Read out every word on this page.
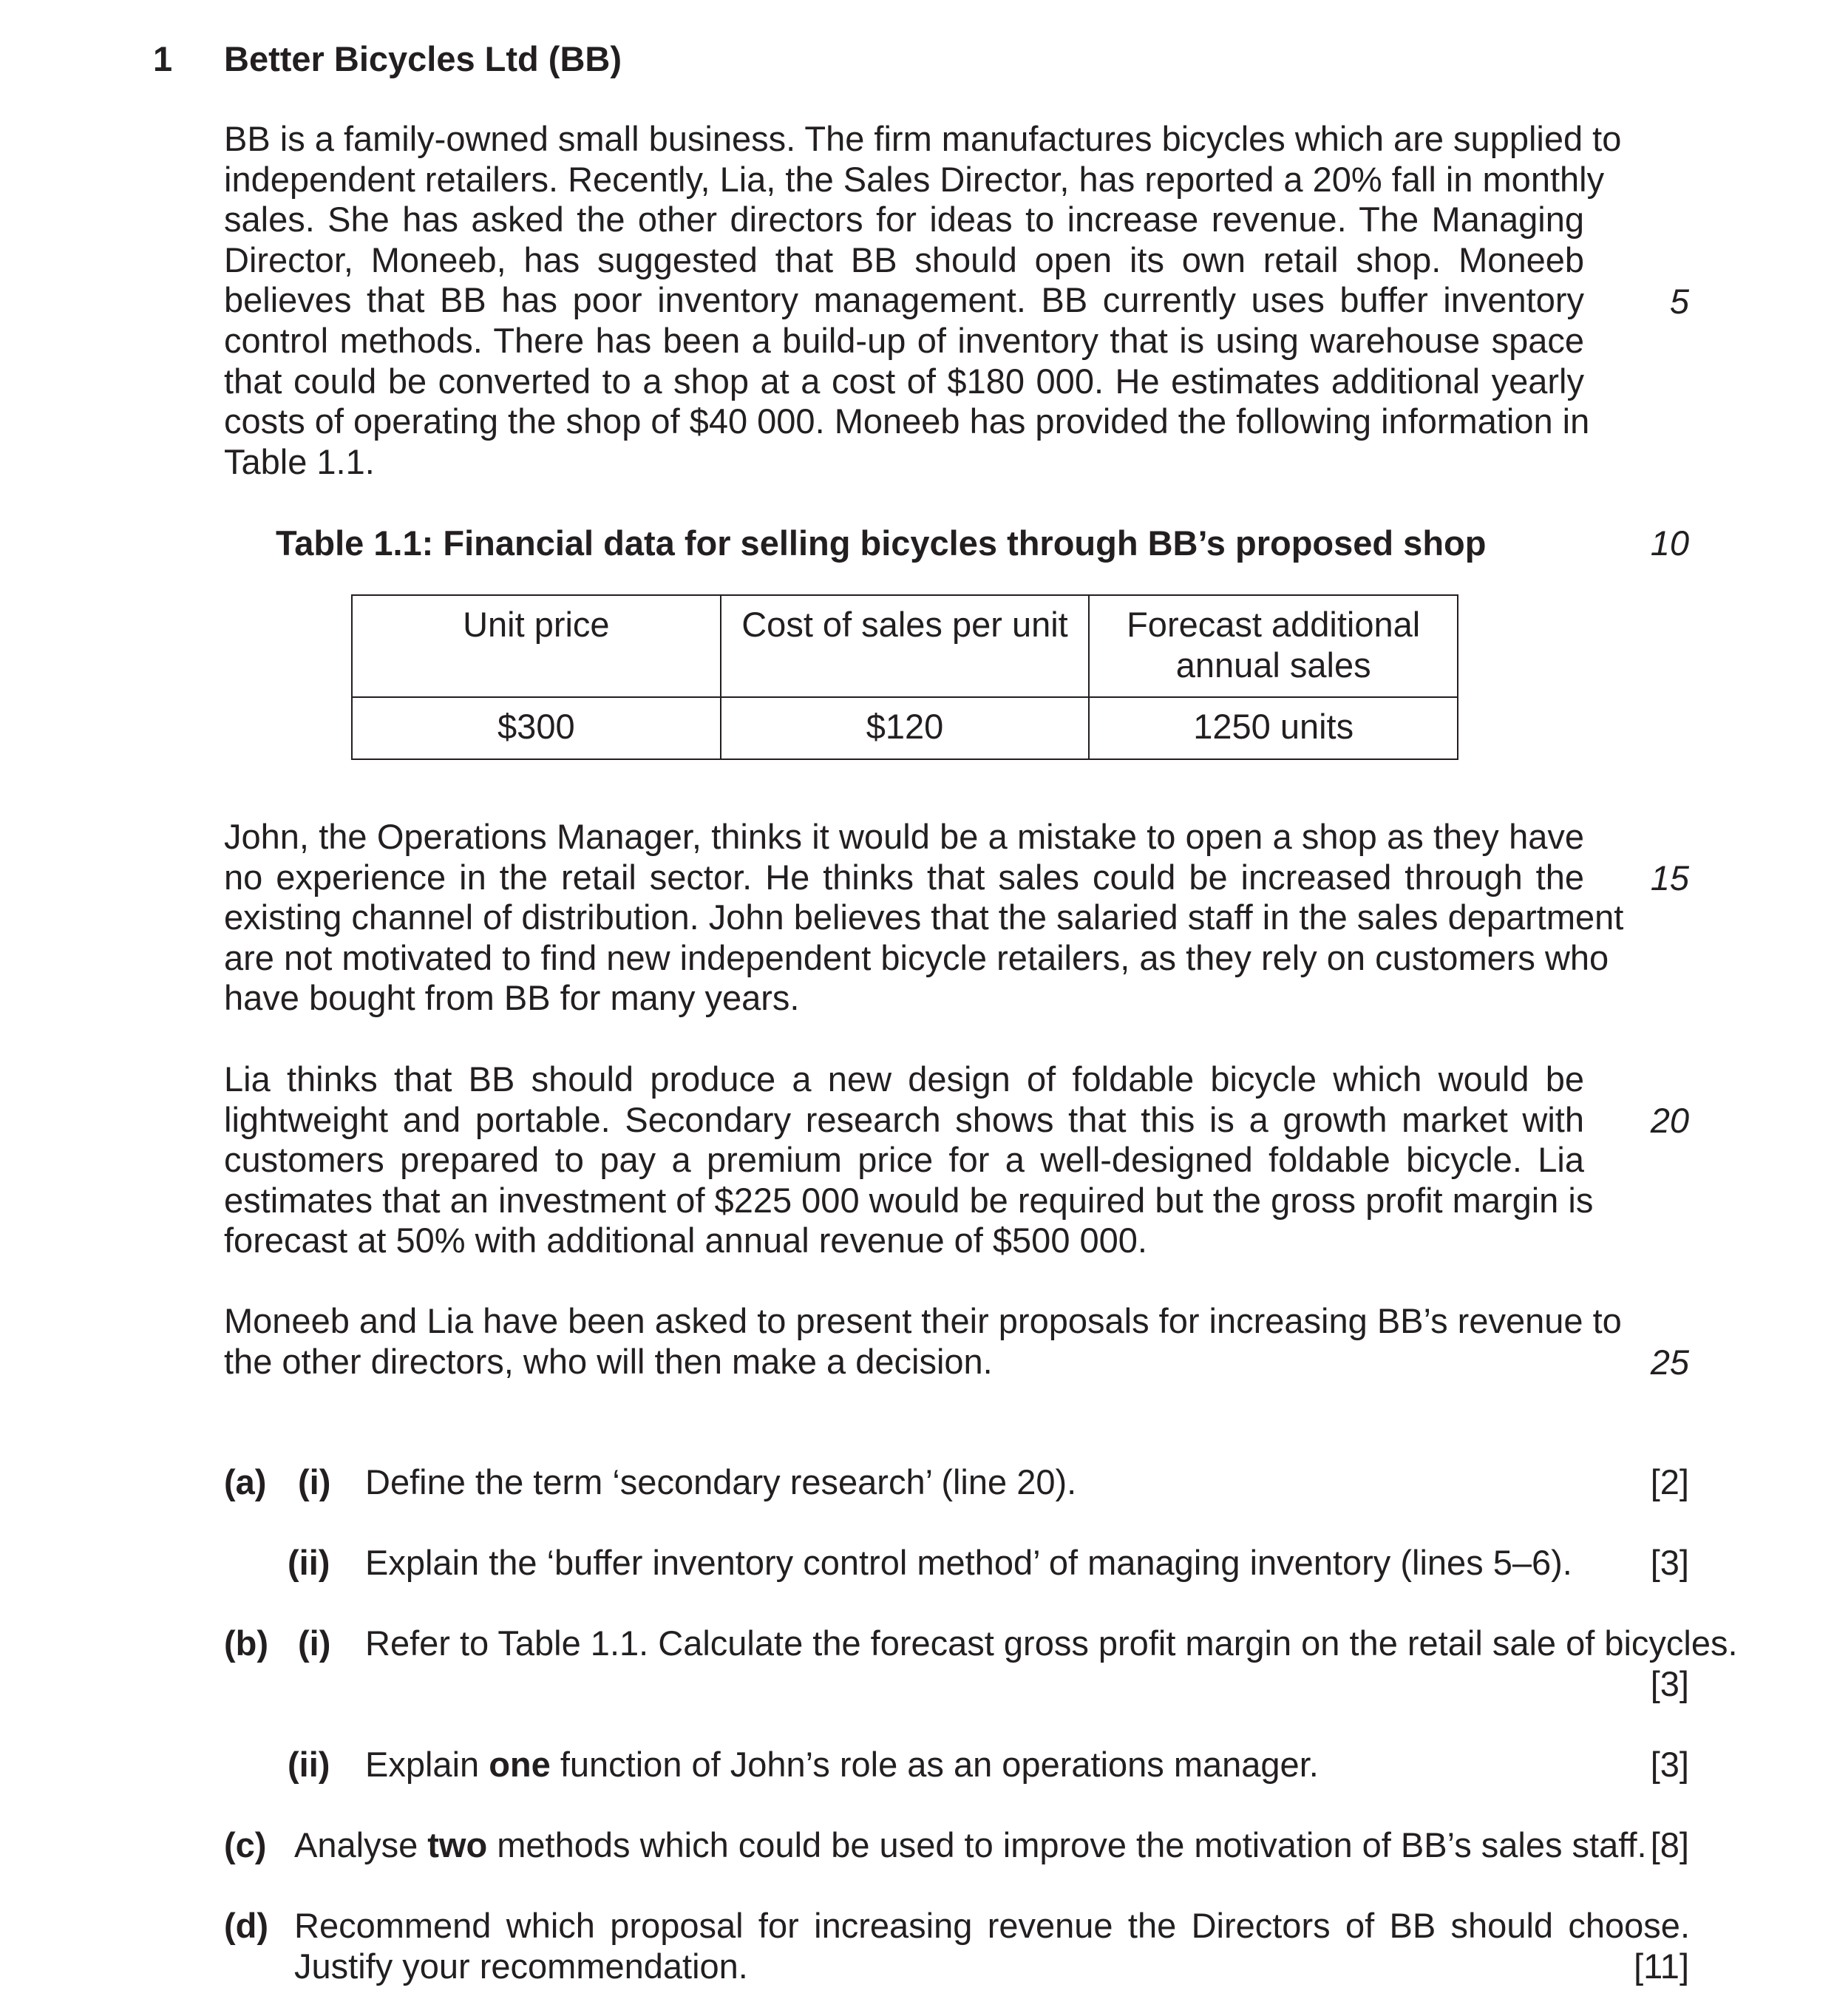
1 Better Bicycles Ltd (BB)
BB is a family-owned small business. The firm manufactures bicycles which are supplied to
independent retailers. Recently, Lia, the Sales Director, has reported a 20% fall in monthly
sales. She has asked the other directors for ideas to increase revenue. The Managing
Director, Moneeb, has suggested that BB should open its own retail shop. Moneeb
believes that BB has poor inventory management. BB currently uses buffer inventory
control methods. There has been a build-up of inventory that is using warehouse space
that could be converted to a shop at a cost of $180 000. He estimates additional yearly
costs of operating the shop of $40 000. Moneeb has provided the following information in
Table 1.1.
5
10
15
20
25
Table 1.1: Financial data for selling bicycles through BB’s proposed shop
Unit price	Cost of sales per unit	Forecast additional
annual sales
$300	$120	1250 units
John, the Operations Manager, thinks it would be a mistake to open a shop as they have
no experience in the retail sector. He thinks that sales could be increased through the
existing channel of distribution. John believes that the salaried staff in the sales department
are not motivated to find new independent bicycle retailers, as they rely on customers who
have bought from BB for many years.
Lia thinks that BB should produce a new design of foldable bicycle which would be
lightweight and portable. Secondary research shows that this is a growth market with
customers prepared to pay a premium price for a well-designed foldable bicycle. Lia
estimates that an investment of $225 000 would be required but the gross profit margin is
forecast at 50% with additional annual revenue of $500 000.
Moneeb and Lia have been asked to present their proposals for increasing BB’s revenue to
the other directors, who will then make a decision.
(a) (i) Define the term ‘secondary research’ (line 20).	[2]
(ii) Explain the ‘buffer inventory control method’ of managing inventory (lines 5–6). [3]
(b) (i) Refer to Table 1.1. Calculate the forecast gross profit margin on the retail sale of bicycles.
[3]
(ii) Explain one function of John’s role as an operations manager.	[3]
(c) Analyse two methods which could be used to improve the motivation of BB’s sales staff. [8]
(d) Recommend which proposal for increasing revenue the Directors of BB should choose.
Justify your recommendation.	[11]
